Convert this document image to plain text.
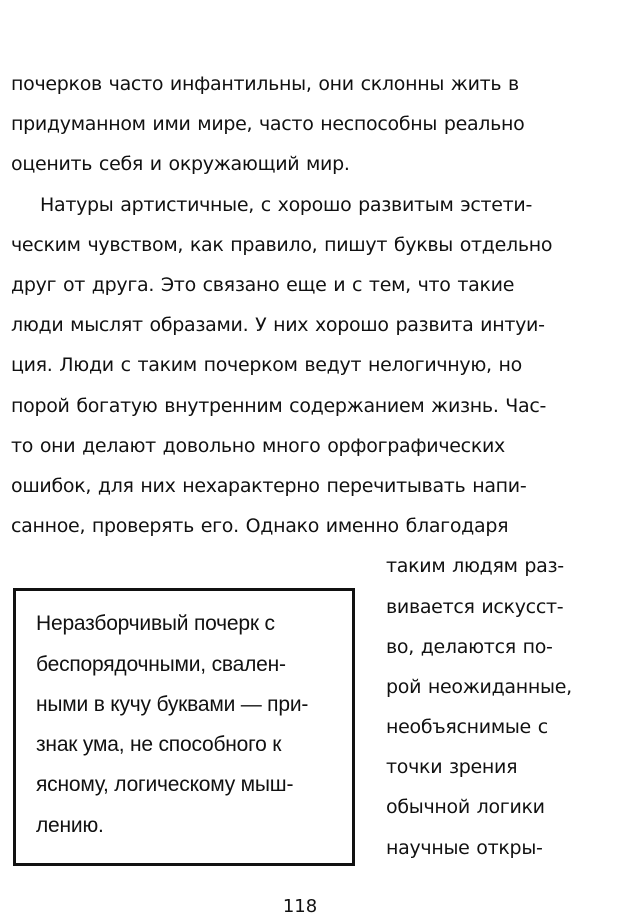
почерков часто инфантильны, они склонны жить в
придуманном ими мире, часто неспособны реально
оценить себя и окружающий мир.
Натуры артистичные, с хорошо развитым эстети-
ческим чувством, как правило, пишут буквы отдельно
друг от друга. Это связано еще и с тем, что такие
люди мыслят образами. У них хорошо развита интуи-
ция. Люди с таким почерком ведут нелогичную, но
порой богатую внутренним содержанием жизнь. Час-
то они делают довольно много орфографических
ошибок, для них нехарактерно перечитывать напи-
санное, проверять его. Однако именно благодаря
таким людям раз-
вивается искусст-
во, делаются по-
рой неожиданные,
необъяснимые с
точки зрения
обычной логики
научные откры-
Неразборчивый почерк с
беспорядочными, свален-
ными в кучу буквами — при-
знак ума, не способного к
ясному, логическому мыш-
лению.
118
